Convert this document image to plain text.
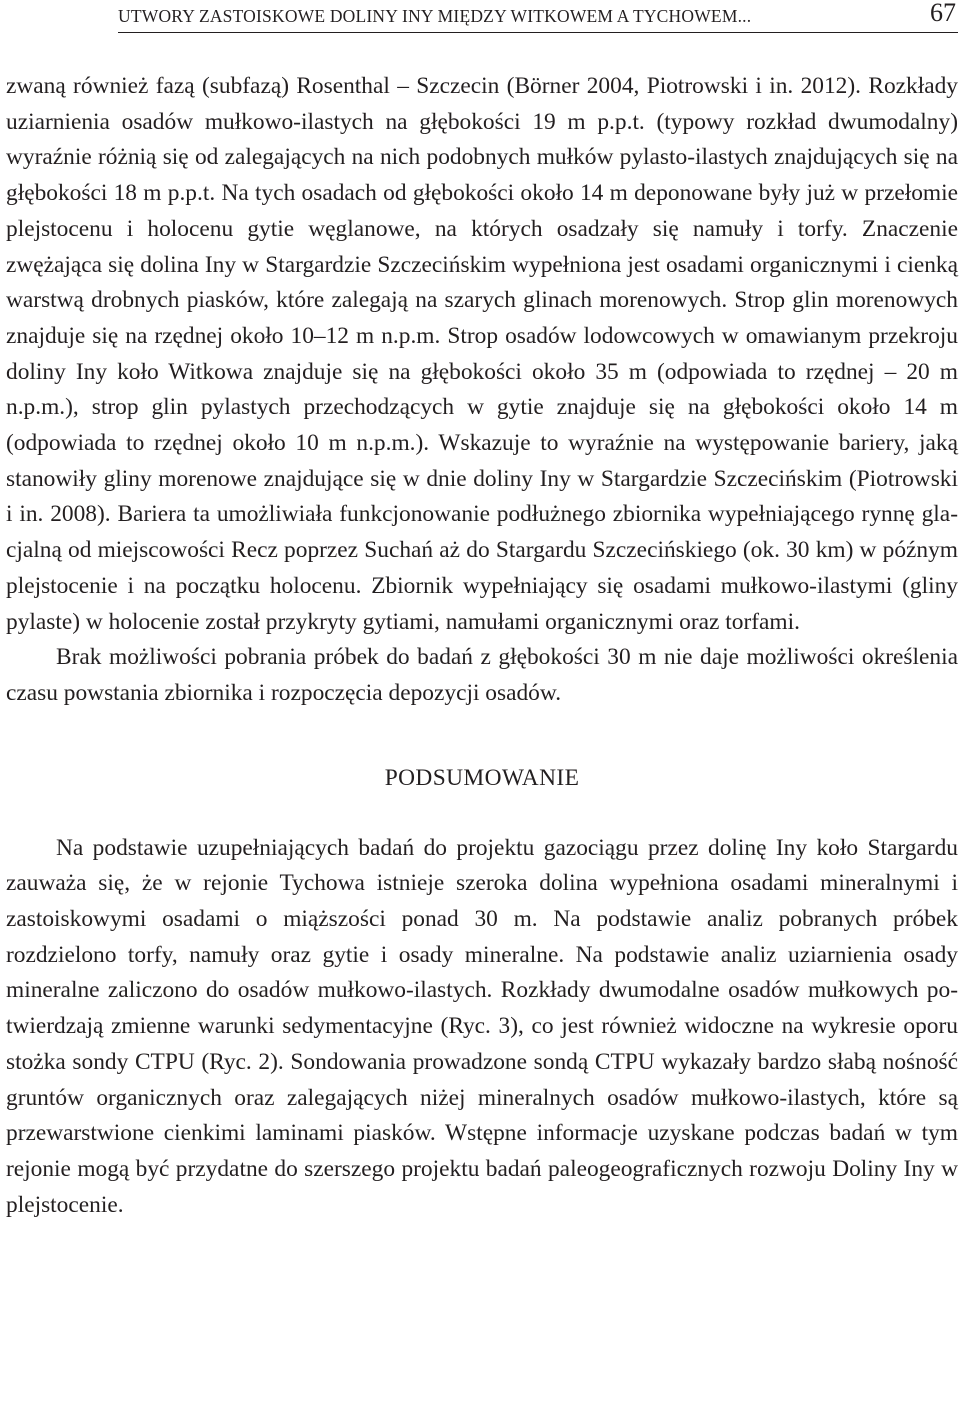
UTWORY ZASTOISKOWE DOLINY INY MIĘDZY WITKOWEM A TYCHOWEM...	67

zwaną również fazą (subfazą) Rosenthal – Szczecin (Börner 2004, Piotrowski i in. 2012). Rozkłady uziarnienia osadów mułkowo-ilastych na głębokości 19 m p.p.t. (typowy rozkład dwumodalny) wyraźnie różnią się od zalegających na nich podobnych mułków pylasto-ilastych znajdujących się na głębokości 18 m p.p.t. Na tych osadach od głębokości około 14 m deponowane były już w przełomie plejstocenu i holocenu gytie węglanowe, na których osadzały się namuły i torfy. Znaczenie zwężająca się dolina Iny w Stargardzie Szczecińskim wypełniona jest osadami organicznymi i cienką warstwą drobnych piasków, które zalegają na szarych glinach morenowych. Strop glin morenowych znajduje się na rzędnej około 10–12 m n.p.m. Strop osadów lodowcowych w omawianym przekroju doliny Iny koło Witkowa znajduje się na głębokości około 35 m (odpowiada to rzędnej – 20 m n.p.m.), strop glin pylastych przechodzących w gytie znajduje się na głębokości około 14 m (odpowiada to rzędnej około 10 m n.p.m.). Wskazuje to wyraźnie na występowanie bariery, jaką stanowiły gliny morenowe znajdujące się w dnie doliny Iny w Stargardzie Szczecińskim (Piotrowski i in. 2008). Bariera ta umożliwiała funkcjonowanie podłużnego zbiornika wypełniającego rynnę glacjalną od miejscowości Recz poprzez Suchań aż do Stargardu Szczecińskiego (ok. 30 km) w późnym plejstocenie i na początku holocenu. Zbiornik wypełniający się osadami mułkowo-ilastymi (gliny pylaste) w holocenie został przykryty gytiami, namułami organicznymi oraz torfami.

Brak możliwości pobrania próbek do badań z głębokości 30 m nie daje możliwości określenia czasu powstania zbiornika i rozpoczęcia depozycji osadów.

PODSUMOWANIE

Na podstawie uzupełniających badań do projektu gazociągu przez dolinę Iny koło Stargardu zauważa się, że w rejonie Tychowa istnieje szeroka dolina wypełniona osadami mineralnymi i zastoiskowymi osadami o miąższości ponad 30 m. Na podstawie analiz pobranych próbek rozdzielono torfy, namuły oraz gytie i osady mineralne. Na podstawie analiz uziarnienia osady mineralne zaliczono do osadów mułkowo-ilastych. Rozkłady dwumodalne osadów mułkowych potwierdzają zmienne warunki sedymentacyjne (Ryc. 3), co jest również widoczne na wykresie oporu stożka sondy CTPU (Ryc. 2). Sondowania prowadzone sondą CTPU wykazały bardzo słabą nośność gruntów organicznych oraz zalegających niżej mineralnych osadów mułkowo-ilastych, które są przewarstwione cienkimi laminami piasków. Wstępne informacje uzyskane podczas badań w tym rejonie mogą być przydatne do szerszego projektu badań paleogeograficznych rozwoju Doliny Iny w plejstocenie.
